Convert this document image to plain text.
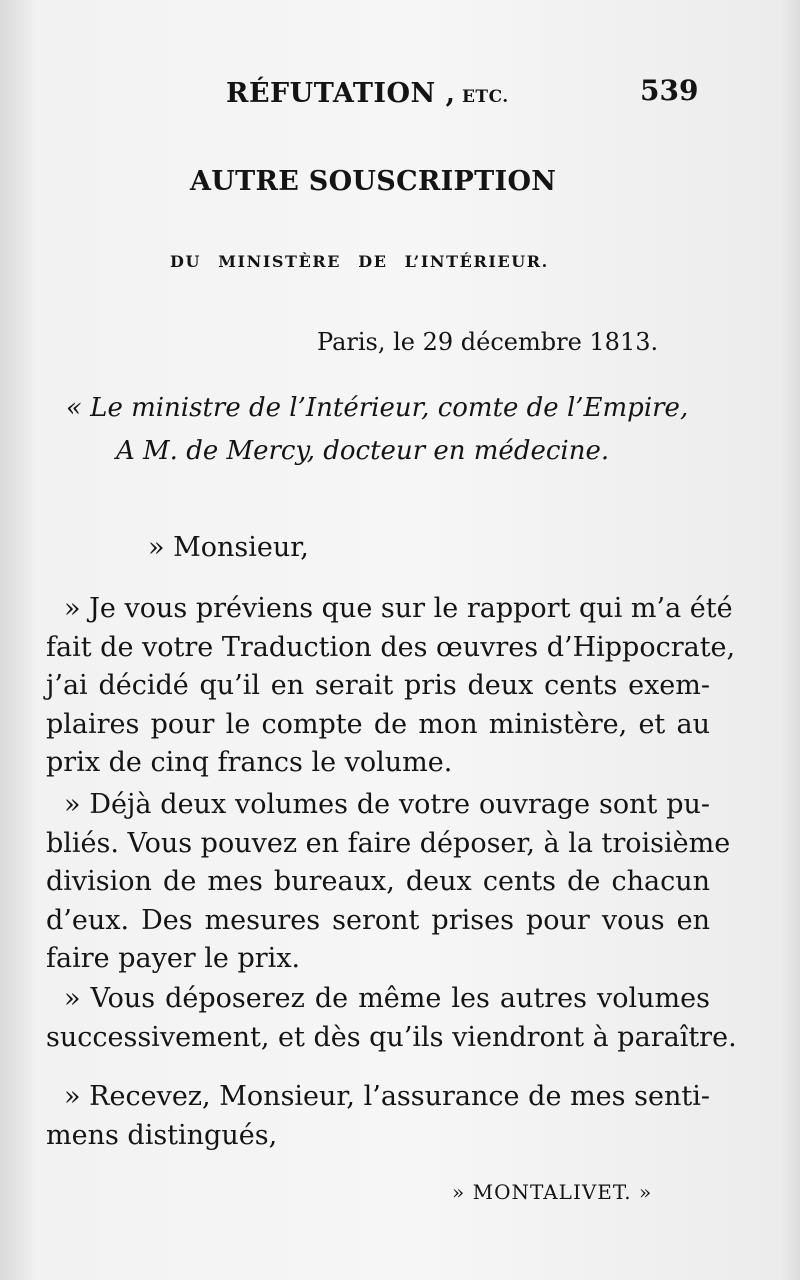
RÉFUTATION , ETC.	539
AUTRE SOUSCRIPTION
DU MINISTÈRE DE L’INTÉRIEUR.
Paris, le 29 décembre 1813.
« Le ministre de l’Intérieur, comte de l’Empire,
A M. de Mercy, docteur en médecine.
» Monsieur,
» Je vous préviens que sur le rapport qui m’a été
fait de votre Traduction des œuvres d’Hippocrate,
j’ai décidé qu’il en serait pris deux cents exem-
plaires pour le compte de mon ministère, et au
prix de cinq francs le volume.
» Déjà deux volumes de votre ouvrage sont pu-
bliés. Vous pouvez en faire déposer, à la troisième
division de mes bureaux, deux cents de chacun
d’eux. Des mesures seront prises pour vous en
faire payer le prix.
» Vous déposerez de même les autres volumes
successivement, et dès qu’ils viendront à paraître.
» Recevez, Monsieur, l’assurance de mes senti-
mens distingués,
» MONTALIVET. »
